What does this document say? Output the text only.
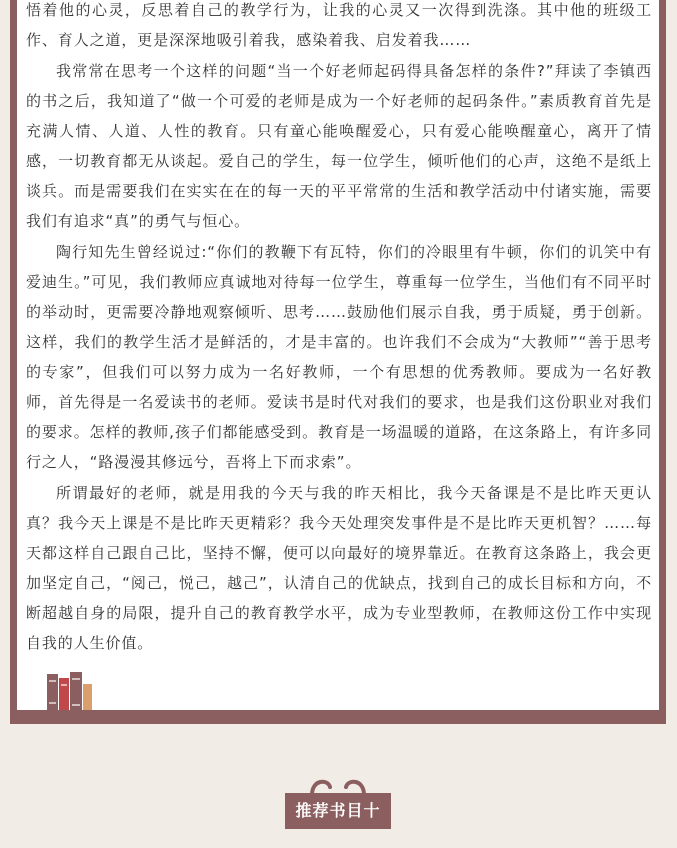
悟着他的心灵，反思着自己的教学行为，让我的心灵又一次得到洗涤。其中他的班级工作、育人之道，更是深深地吸引着我，感染着我、启发着我……

我常常在思考一个这样的问题“当一个好老师起码得具备怎样的条件?”拜读了李镇西的书之后，我知道了“做一个可爱的老师是成为一个好老师的起码条件。”素质教育首先是充满人情、人道、人性的教育。只有童心能唤醒爱心，只有爱心能唤醒童心，离开了情感，一切教育都无从谈起。爱自己的学生，每一位学生，倾听他们的心声，这绝不是纸上谈兵。而是需要我们在实实在在的每一天的平平常常的生活和教学活动中付诸实施，需要我们有追求“真”的勇气与恒心。

陶行知先生曾经说过:“你们的教鞭下有瓦特，你们的冷眼里有牛顿，你们的讥笑中有爱迪生。”可见，我们教师应真诚地对待每一位学生，尊重每一位学生，当他们有不同平时的举动时，更需要冷静地观察倾听、思考……鼓励他们展示自我，勇于质疑，勇于创新。这样，我们的教学生活才是鲜活的，才是丰富的。也许我们不会成为“大教师”“善于思考的专家”，但我们可以努力成为一名好教师，一个有思想的优秀教师。要成为一名好教师，首先得是一名爱读书的老师。爱读书是时代对我们的要求，也是我们这份职业对我们的要求。怎样的教师,孩子们都能感受到。教育是一场温暖的道路，在这条路上，有许多同行之人，“路漫漫其修远兮，吾将上下而求索”。

所谓最好的老师，就是用我的今天与我的昨天相比，我今天备课是不是比昨天更认真？我今天上课是不是比昨天更精彩？我今天处理突发事件是不是比昨天更机智？……每天都这样自己跟自己比，坚持不懈，便可以向最好的境界靠近。在教育这条路上，我会更加坚定自己，“阅己，悦己，越己”，认清自己的优缺点，找到自己的成长目标和方向，不断超越自身的局限，提升自己的教育教学水平，成为专业型教师，在教师这份工作中实现自我的人生价值。

推荐书目十
